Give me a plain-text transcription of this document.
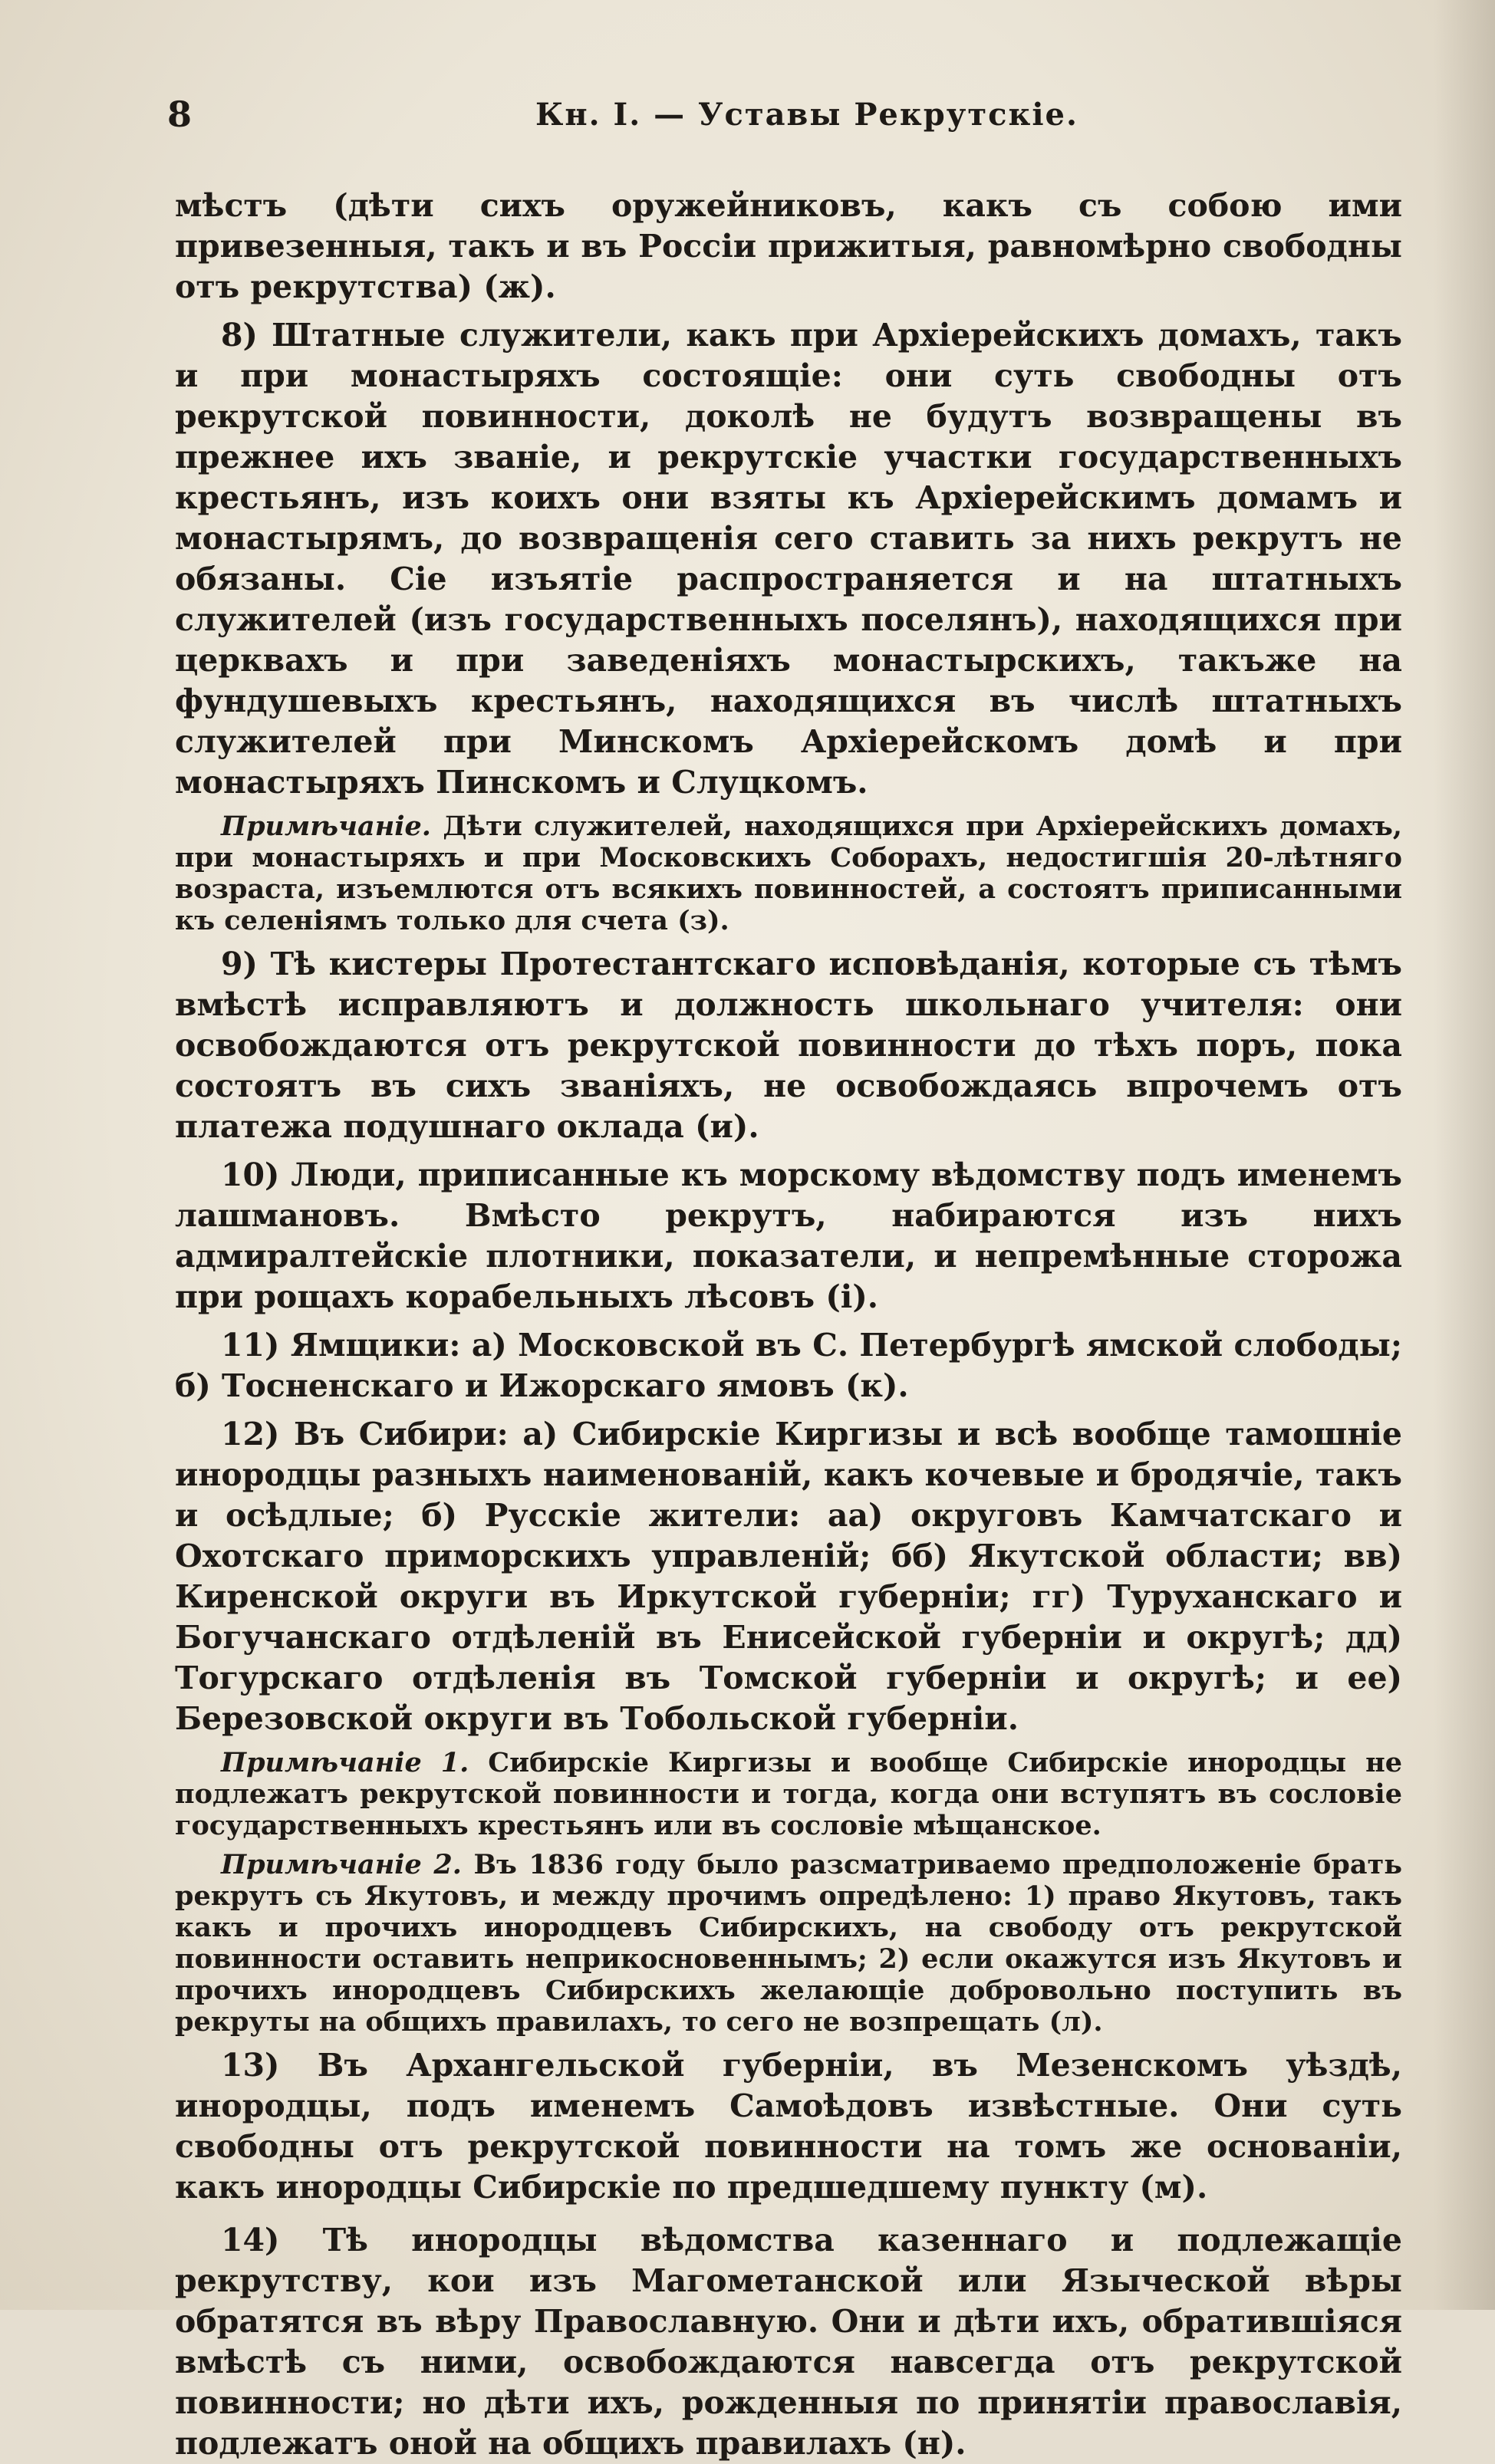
8	Кн. I. — Уставы Рекрутскіе.

мѣстъ (дѣти сихъ оружейниковъ, какъ съ собою ими привезенныя, такъ и въ Россіи прижитыя, равномѣрно свободны отъ рекрутства) (ж).

8) Штатные служители, какъ при Архіерейскихъ домахъ, такъ и при монастыряхъ состоящіе: они суть свободны отъ рекрутской повинности, доколѣ не будутъ возвращены въ прежнее ихъ званіе, и рекрутскіе участки государственныхъ крестьянъ, изъ коихъ они взяты къ Архіерейскимъ домамъ и монастырямъ, до возвращенія сего ставить за нихъ рекрутъ не обязаны. Сіе изъятіе распространяется и на штатныхъ служителей (изъ государственныхъ поселянъ), находящихся при церквахъ и при заведеніяхъ монастырскихъ, такъже на фундушевыхъ крестьянъ, находящихся въ числѣ штатныхъ служителей при Минскомъ Архіерейскомъ домѣ и при монастыряхъ Пинскомъ и Слуцкомъ.

Примѣчаніе. Дѣти служителей, находящихся при Архіерейскихъ домахъ, при монастыряхъ и при Московскихъ Соборахъ, недостигшія 20-лѣтняго возраста, изъемлются отъ всякихъ повинностей, а состоятъ приписанными къ селеніямъ только для счета (з).

9) Тѣ кистеры Протестантскаго исповѣданія, которые съ тѣмъ вмѣстѣ исправляютъ и должность школьнаго учителя: они освобождаются отъ рекрутской повинности до тѣхъ поръ, пока состоятъ въ сихъ званіяхъ, не освобождаясь впрочемъ отъ платежа подушнаго оклада (и).

10) Люди, приписанные къ морскому вѣдомству подъ именемъ лашмановъ. Вмѣсто рекрутъ, набираются изъ нихъ адмиралтейскіе плотники, показатели, и непремѣнные сторожа при рощахъ корабельныхъ лѣсовъ (і).

11) Ямщики: а) Московской въ С. Петербургѣ ямской слободы; б) Тосненскаго и Ижорскаго ямовъ (к).

12) Въ Сибири: а) Сибирскіе Киргизы и всѣ вообще тамошніе инородцы разныхъ наименованій, какъ кочевые и бродячіе, такъ и осѣдлые; б) Русскіе жители: аа) округовъ Камчатскаго и Охотскаго приморскихъ управленій; бб) Якутской области; вв) Киренской округи въ Иркутской губерніи; гг) Туруханскаго и Богучанскаго отдѣленій въ Енисейской губерніи и округѣ; дд) Тогурскаго отдѣленія въ Томской губерніи и округѣ; и ее) Березовской округи въ Тобольской губерніи.

Примѣчаніе 1. Сибирскіе Киргизы и вообще Сибирскіе инородцы не подлежатъ рекрутской повинности и тогда, когда они вступятъ въ сословіе государственныхъ крестьянъ или въ сословіе мѣщанское.

Примѣчаніе 2. Въ 1836 году было разсматриваемо предположеніе брать рекрутъ съ Якутовъ, и между прочимъ опредѣлено: 1) право Якутовъ, такъ какъ и прочихъ инородцевъ Сибирскихъ, на свободу отъ рекрутской повинности оставить неприкосновеннымъ; 2) если окажутся изъ Якутовъ и прочихъ инородцевъ Сибирскихъ желающіе добровольно поступить въ рекруты на общихъ правилахъ, то сего не возпрещать (л).

13) Въ Архангельской губерніи, въ Мезенскомъ уѣздѣ, инородцы, подъ именемъ Самоѣдовъ извѣстные. Они суть свободны отъ рекрутской повинности на томъ же основаніи, какъ инородцы Сибирскіе по предшедшему пункту (м).

14) Тѣ инородцы вѣдомства казеннаго и подлежащіе рекрутству, кои изъ Магометанской или Языческой вѣры обратятся въ вѣру Православную. Они и дѣти ихъ, обратившіяся вмѣстѣ съ ними, освобождаются навсегда отъ рекрутской повинности; но дѣти ихъ, рожденныя по принятіи православія, подлежатъ оной на общихъ правилахъ (н).
